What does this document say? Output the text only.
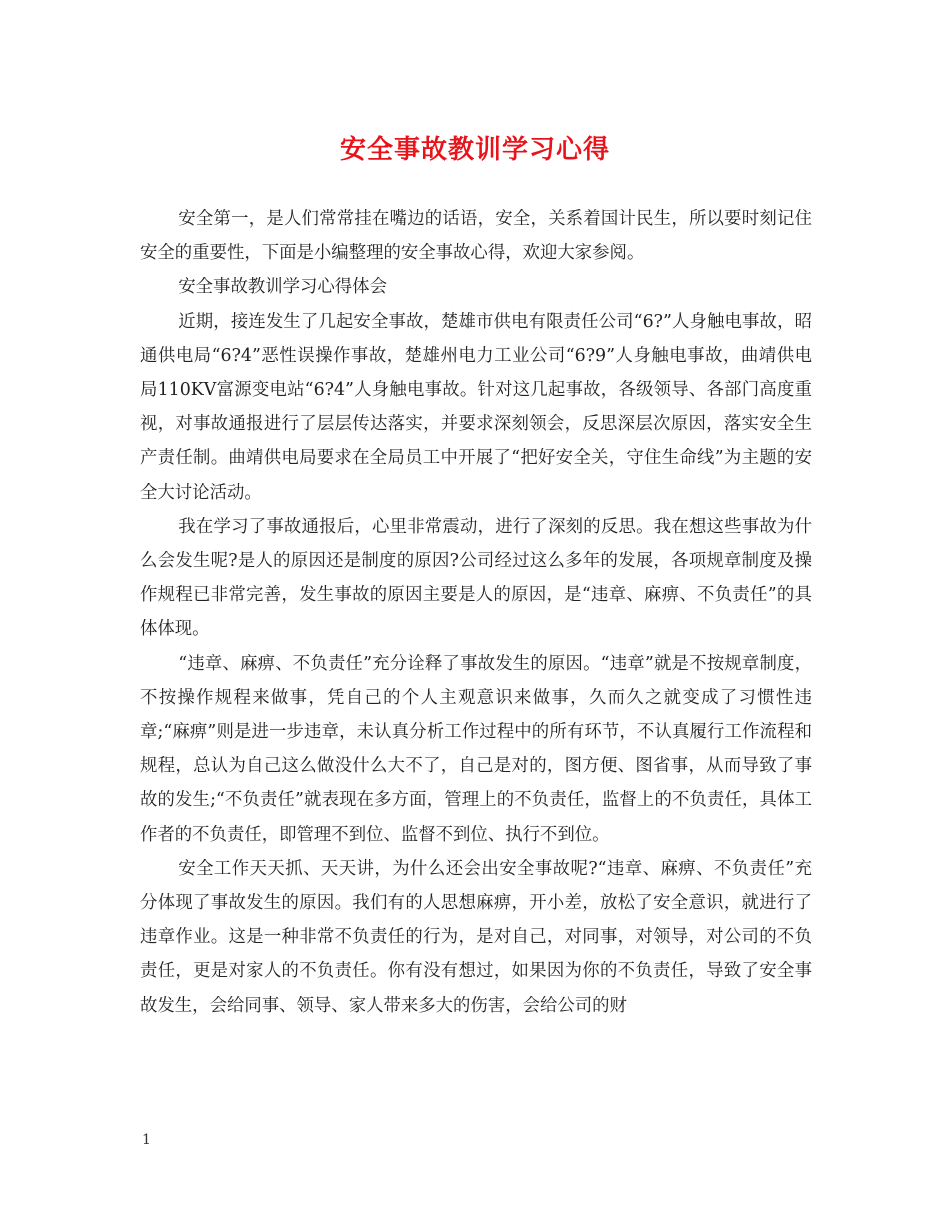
安全事故教训学习心得

安全第一，是人们常常挂在嘴边的话语，安全，关系着国计民生，所以要时刻记住安全的重要性，下面是小编整理的安全事故心得，欢迎大家参阅。

安全事故教训学习心得体会

近期，接连发生了几起安全事故，楚雄市供电有限责任公司“6?”人身触电事故，昭通供电局“6?4”恶性误操作事故，楚雄州电力工业公司“6?9”人身触电事故，曲靖供电局110KV富源变电站“6?4”人身触电事故。针对这几起事故，各级领导、各部门高度重视，对事故通报进行了层层传达落实，并要求深刻领会，反思深层次原因，落实安全生产责任制。曲靖供电局要求在全局员工中开展了“把好安全关，守住生命线”为主题的安全大讨论活动。

我在学习了事故通报后，心里非常震动，进行了深刻的反思。我在想这些事故为什么会发生呢?是人的原因还是制度的原因?公司经过这么多年的发展，各项规章制度及操作规程已非常完善，发生事故的原因主要是人的原因，是“违章、麻痹、不负责任”的具体体现。

“违章、麻痹、不负责任”充分诠释了事故发生的原因。“违章”就是不按规章制度，不按操作规程来做事，凭自己的个人主观意识来做事，久而久之就变成了习惯性违章;“麻痹”则是进一步违章，未认真分析工作过程中的所有环节，不认真履行工作流程和规程，总认为自己这么做没什么大不了，自己是对的，图方便、图省事，从而导致了事故的发生;“不负责任”就表现在多方面，管理上的不负责任，监督上的不负责任，具体工作者的不负责任，即管理不到位、监督不到位、执行不到位。

安全工作天天抓、天天讲，为什么还会出安全事故呢?“违章、麻痹、不负责任”充分体现了事故发生的原因。我们有的人思想麻痹，开小差，放松了安全意识，就进行了违章作业。这是一种非常不负责任的行为，是对自己，对同事，对领导，对公司的不负责任，更是对家人的不负责任。你有没有想过，如果因为你的不负责任，导致了安全事故发生，会给同事、领导、家人带来多大的伤害，会给公司的财

1
